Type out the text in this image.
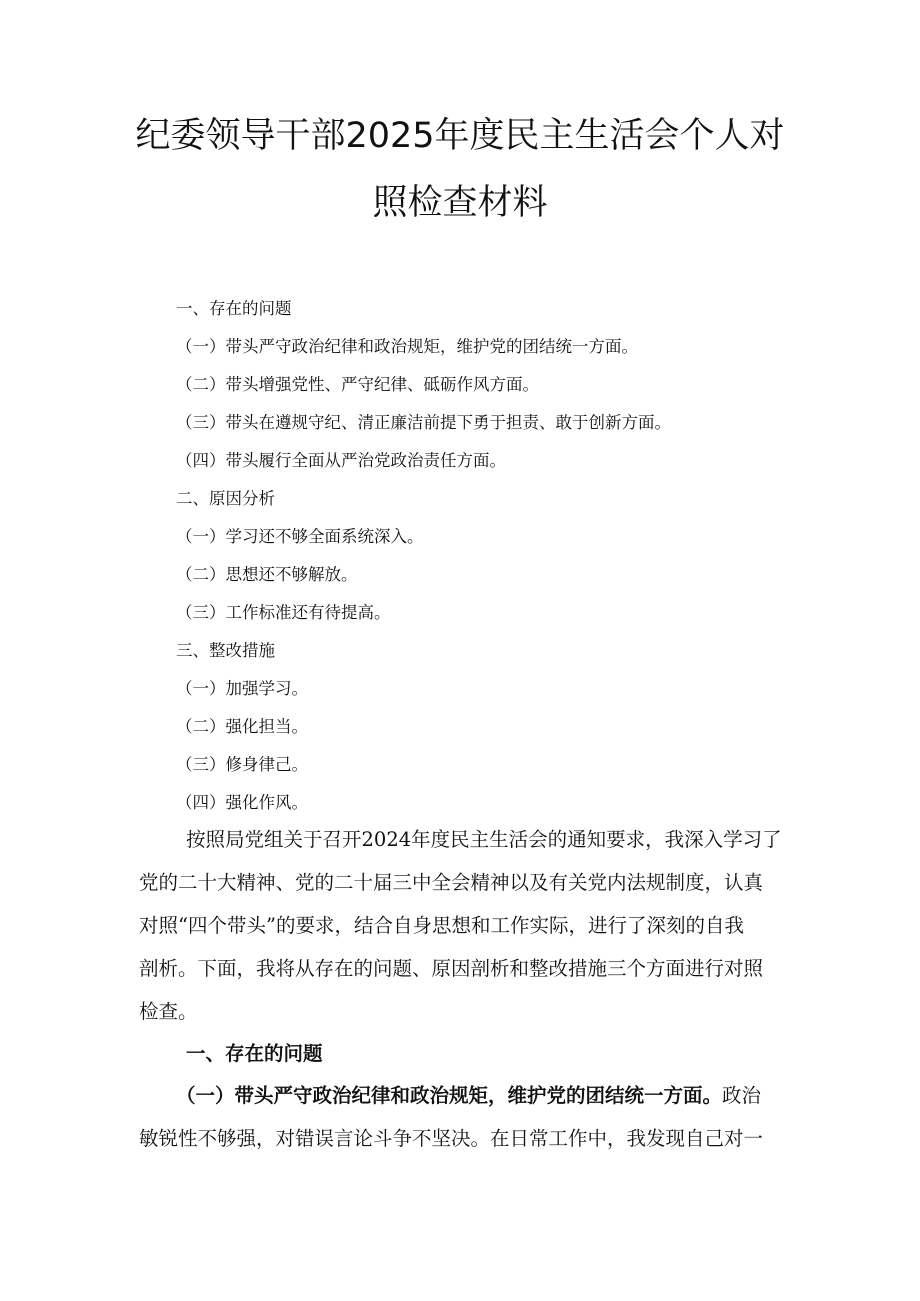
纪委领导干部2025年度民主生活会个人对
照检查材料
一、存在的问题
（一）带头严守政治纪律和政治规矩，维护党的团结统一方面。
（二）带头增强党性、严守纪律、砥砺作风方面。
（三）带头在遵规守纪、清正廉洁前提下勇于担责、敢于创新方面。
（四）带头履行全面从严治党政治责任方面。
二、原因分析
（一）学习还不够全面系统深入。
（二）思想还不够解放。
（三）工作标准还有待提高。
三、整改措施
（一）加强学习。
（二）强化担当。
（三）修身律己。
（四）强化作风。
按照局党组关于召开2024年度民主生活会的通知要求，我深入学习了
党的二十大精神、党的二十届三中全会精神以及有关党内法规制度，认真
对照“四个带头”的要求，结合自身思想和工作实际，进行了深刻的自我
剖析。下面，我将从存在的问题、原因剖析和整改措施三个方面进行对照
检查。
一、存在的问题
（一）带头严守政治纪律和政治规矩，维护党的团结统一方面。政治
敏锐性不够强，对错误言论斗争不坚决。在日常工作中，我发现自己对一
